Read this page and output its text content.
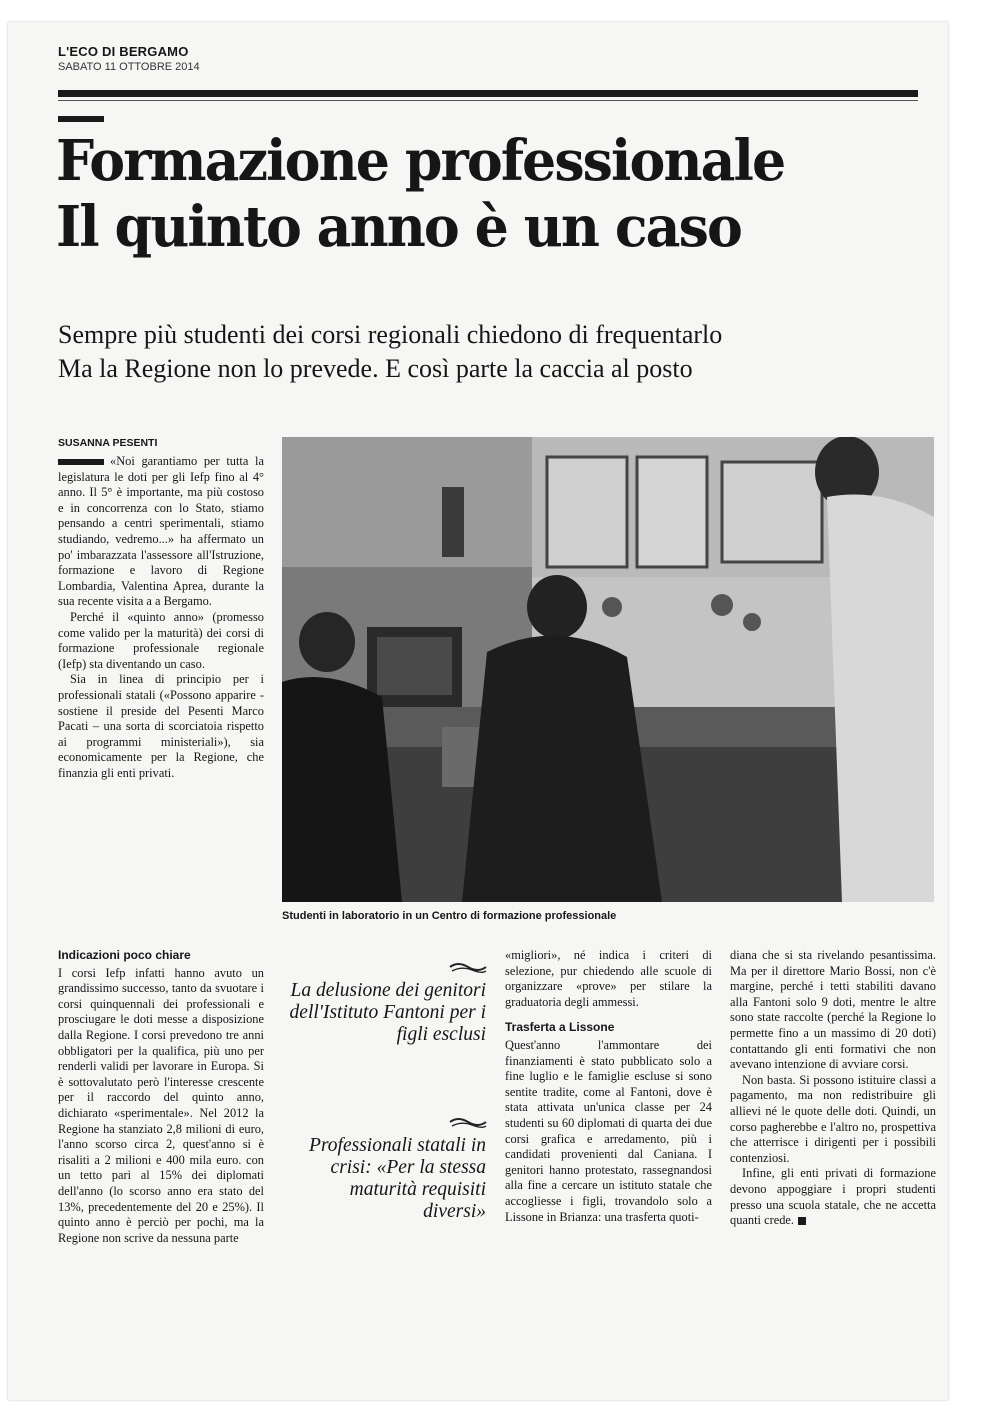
L'ECO DI BERGAMO
SABATO 11 OTTOBRE 2014
Formazione professionale
Il quinto anno è un caso
Sempre più studenti dei corsi regionali chiedono di frequentarlo
Ma la Regione non lo prevede. E così parte la caccia al posto
SUSANNA PESENTI

«Noi garantiamo per tutta la legislatura le doti per gli Iefp fino al 4° anno. Il 5° è importante, ma più costoso e in concorrenza con lo Stato, stiamo pensando a centri sperimentali, stiamo studiando, vedremo...» ha affermato un po' imbarazzata l'assessore all'Istruzione, formazione e lavoro di Regione Lombardia, Valentina Aprea, durante la sua recente visita a a Bergamo.

Perché il «quinto anno» (promesso come valido per la maturità) dei corsi di formazione professionale regionale (Iefp) sta diventando un caso.

Sia in linea di principio per i professionali statali («Possono apparire - sostiene il preside del Pesenti Marco Pacati – una sorta di scorciatoia rispetto ai programmi ministeriali»), sia economicamente per la Regione, che finanzia gli enti privati.

Indicazioni poco chiare

I corsi Iefp infatti hanno avuto un grandissimo successo, tanto da svuotare i corsi quinquennali dei professionali e prosciugare le doti messe a disposizione dalla Regione. I corsi prevedono tre anni obbligatori per la qualifica, più uno per renderli validi per lavorare in Europa. Si è sottovalutato però l'interesse crescente per il raccordo del quinto anno, dichiarato «sperimentale». Nel 2012 la Regione ha stanziato 2,8 milioni di euro, l'anno scorso circa 2, quest'anno si è risaliti a 2 milioni e 400 mila euro. con un tetto pari al 15% dei diplomati dell'anno (lo scorso anno era stato del 13%, precedentemente del 20 e 25%). Il quinto anno è perciò per pochi, ma la Regione non scrive da nessuna parte

Studenti in laboratorio in un Centro di formazione professionale
La delusione dei genitori dell'Istituto Fantoni per i figli esclusi
Professionali statali in crisi: «Per la stessa maturità requisiti diversi»

«migliori», né indica i criteri di selezione, pur chiedendo alle scuole di organizzare «prove» per stilare la graduatoria degli ammessi.

Trasferta a Lissone

Quest'anno l'ammontare dei finanziamenti è stato pubblicato solo a fine luglio e le famiglie escluse si sono sentite tradite, come al Fantoni, dove è stata attivata un'unica classe per 24 studenti su 60 diplomati di quarta dei due corsi grafica e arredamento, più i candidati provenienti dal Caniana. I genitori hanno protestato, rassegnandosi alla fine a cercare un istituto statale che accogliesse i figli, trovandolo solo a Lissone in Brianza: una trasferta quoti-

diana che si sta rivelando pesantissima. Ma per il direttore Mario Bossi, non c'è margine, perché i tetti stabiliti davano alla Fantoni solo 9 doti, mentre le altre sono state raccolte (perché la Regione lo permette fino a un massimo di 20 doti) contattando gli enti formativi che non avevano intenzione di avviare corsi.

Non basta. Si possono istituire classi a pagamento, ma non redistribuire gli allievi né le quote delle doti. Quindi, un corso pagherebbe e l'altro no, prospettiva che atterrisce i dirigenti per i possibili contenziosi.

Infine, gli enti privati di formazione devono appoggiare i propri studenti presso una scuola statale, che ne accetta quanti crede.
